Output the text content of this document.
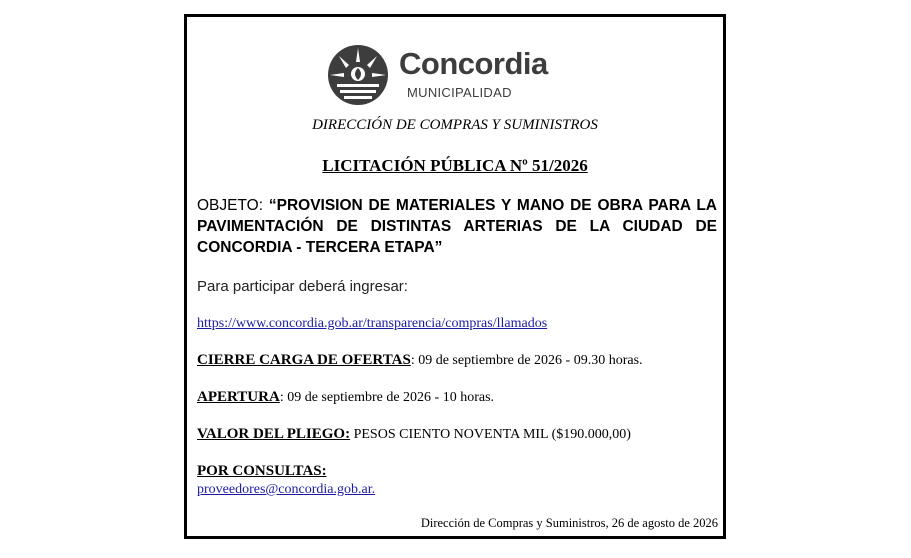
Concordia
MUNICIPALIDAD
DIRECCIÓN DE COMPRAS Y SUMINISTROS
LICITACIÓN PÚBLICA Nº 51/2026
OBJETO: “PROVISION DE MATERIALES Y MANO DE OBRA PARA LA PAVIMENTACIÓN DE DISTINTAS ARTERIAS DE LA CIUDAD DE CONCORDIA - TERCERA ETAPA”
Para participar deberá ingresar:
https://www.concordia.gob.ar/transparencia/compras/llamados
CIERRE CARGA DE OFERTAS: 09 de septiembre de 2026 - 09.30 horas.
APERTURA: 09 de septiembre de 2026 - 10 horas.
VALOR DEL PLIEGO: PESOS CIENTO NOVENTA MIL ($190.000,00)
POR CONSULTAS:
proveedores@concordia.gob.ar.
Dirección de Compras y Suministros, 26 de agosto de 2026
